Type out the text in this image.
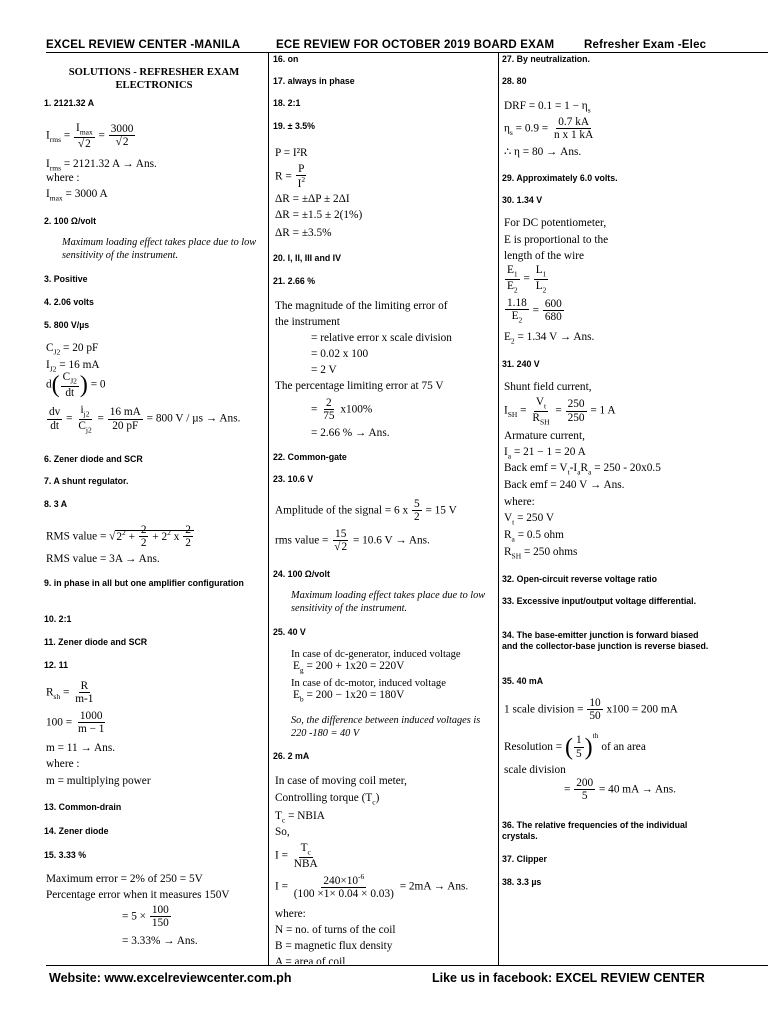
EXCEL REVIEW CENTER -MANILA	ECE REVIEW FOR OCTOBER 2019 BOARD EXAM	Refresher Exam -Elec
SOLUTIONS - REFRESHER EXAM ELECTRONICS
1. 2121.32 A
$I_{rms}$ =
$I_{max}$
√2
= $\frac{3000}{√2}$
$I_{rms} = 2121.32$ A → Ans.
where :
$I_{max} = 3000$ A
2. 100 Ω/volt
Maximum loading effect takes place due to low sensitivity of the instrument.
3. Positive
4. 2.06 volts
5. 800 V/µs
$C_{J2} = 20$ pF
$I_{J2} = 16$ mA
$d( \frac{C_{J2}}{dt}$ ) = 0
$\frac{dv}{dt} = \frac{i_{j2}}{C_{j2}} = \frac{16 mA}{20 pF} = 800$ V / µs → Ans.
6. Zener diode and SCR
7. A shunt regulator.
8. 3 A
RMS value = $√2^2 + \frac{2}{2} + 2^2$ x $\frac{2}{2}$
RMS value = 3A → Ans.
9. in phase in all but one amplifier configuration
10. 2:1
11. Zener diode and SCR
12. 11
$R_{sh} = \frac{R}{m-1}$
$100 = \frac{1000}{m - 1}$
m = 11 → Ans.
where :
m = multiplying power
13. Common-drain
14. Zener diode
15. 3.33 %
Maximum error = 2% of 250 = 5V
Percentage error when it measures 150V
= $5 \times \frac{100}{150}$
= 3.33% → Ans.
16. on
17. always in phase
18. 2:1
19. ± 3.5%
P = I²R
$R = \frac{P}{I^2}$
ΔR = ±ΔP ± 2ΔI
ΔR = ±1.5 ± 2(1%)
ΔR = ±3.5%
20. I, II, III and IV
21. 2.66 %
The magnitude of the limiting error of
the instrument
= relative error x scale division
= 0.02 x 100
= 2 V
The percentage limiting error at 75 V
= $\frac{2}{75} x100\%$
= 2.66 % → Ans.
22. Common-gate
23. 10.6 V
Amplitude of the signal = 6 x $\frac{5}{2} = 15$ V
rms value = $\frac{15}{√2} = 10.6$ V → Ans.
24. 100 Ω/volt
Maximum loading effect takes place due to low sensitivity of the instrument.
25. 40 V
In case of dc-generator, induced voltage
$E_g = 200 + 1x20 = 220V$
In case of dc-motor, induced voltage
$E_b = 200 - 1x20 = 180V$
So, the difference between induced voltages is 220 -180 = 40 V
26. 2 mA
In case of moving coil meter,
Controlling torque $(T_c)$
$T_c$ = NBIA
So,
I =
$T_c$
NBA
$I = \frac{240\times 10^{-6}}{(100 \times 1\times 0.04 \times 0.03)} = 2mA$ → Ans.
where:
N = no. of turns of the coil
B = magnetic flux density
A = area of coil
27. By neutralization.
28. 80
DRF = $0.1 = 1 - \eta_s$
$\eta_s = 0.9 = \frac{0.7 kA}{\text{n x 1 kA}}$
∴ η = 80 → Ans.
29. Approximately 6.0 volts.
30. 1.34 V
For DC potentiometer,
E is proportional to the
length of the wire
$\frac{E_1}{E_2} = \frac{L_1}{L_2}$
$\frac{1.18}{E_2} = \frac{600}{680}$
$E_2 = 1.34$ V → Ans.
31. 240 V
Shunt field current,
$I_{SH}$ =
$V_t$
$R_{SH}$
= $\frac{250}{250} = 1$ A
Armature current,
$I_a = 21 - 1 = 20$ A
Back emf = $V_t-I_aR_a = 250 - 20x0.5$
Back emf = 240 V → Ans.
where:
$V_t = 250$ V
$R_a = 0.5$ ohm
$R_{SH} = 250$ ohms
32. Open-circuit reverse voltage ratio
33. Excessive input/output voltage differential.
34. The base-emitter junction is forward biased and the collector-base junction is reverse biased.
35. 40 mA
1 scale division = $\frac{10}{50} x100 = 200$ mA
Resolution = ( $\frac{1}{5} )^{th}$ of an area
scale division
= $\frac{200}{5} = 40$ mA → Ans.
36. The relative frequencies of the individual crystals.
37. Clipper
38. 3.3 µs
Website: www.excelreviewcenter.com.ph	Like us in facebook: EXCEL REVIEW CENTER
